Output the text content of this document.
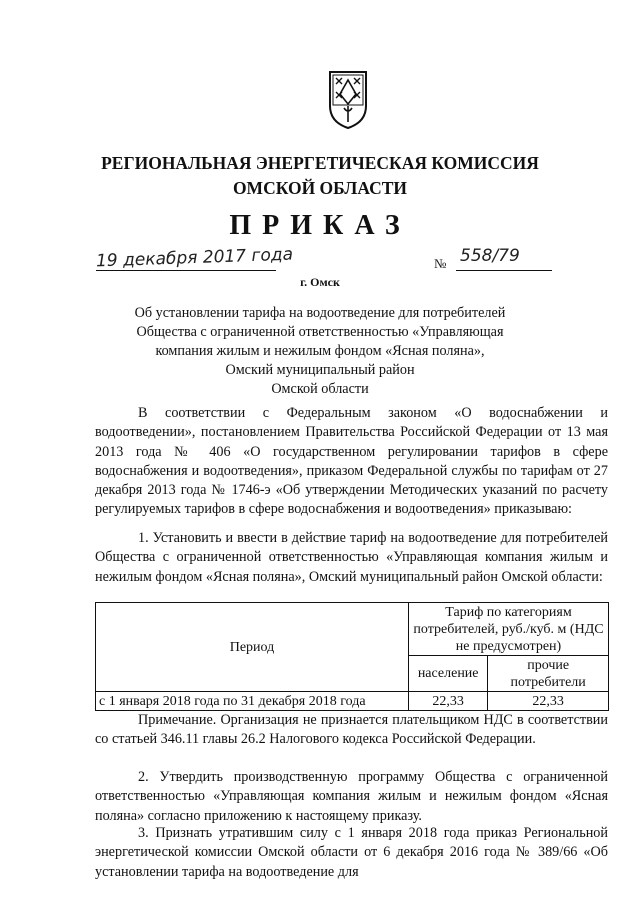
РЕГИОНАЛЬНАЯ ЭНЕРГЕТИЧЕСКАЯ КОМИССИЯ
ОМСКОЙ ОБЛАСТИ
ПРИКАЗ
19 декабря 2017 года	№ 558/79
г. Омск
Об установлении тарифа на водоотведение для потребителей
Общества с ограниченной ответственностью «Управляющая
компания жилым и нежилым фондом «Ясная поляна»,
Омский муниципальный район
Омской области
В соответствии с Федеральным законом «О водоснабжении и водоотведении», постановлением Правительства Российской Федерации от 13 мая 2013 года № 406 «О государственном регулировании тарифов в сфере водоснабжения и водоотведения», приказом Федеральной службы по тарифам от 27 декабря 2013 года № 1746-э «Об утверждении Методических указаний по расчету регулируемых тарифов в сфере водоснабжения и водоотведения» приказываю:
1. Установить и ввести в действие тариф на водоотведение для потребителей Общества с ограниченной ответственностью «Управляющая компания жилым и нежилым фондом «Ясная поляна», Омский муниципальный район Омской области:
Период	Тариф по категориям потребителей, руб./куб. м (НДС не предусмотрен)	
	население	прочие потребители
с 1 января 2018 года по 31 декабря 2018 года	22,33	22,33
Примечание. Организация не признается плательщиком НДС в соответствии со статьей 346.11 главы 26.2 Налогового кодекса Российской Федерации.
2. Утвердить производственную программу Общества с ограниченной ответственностью «Управляющая компания жилым и нежилым фондом «Ясная поляна» согласно приложению к настоящему приказу.
3. Признать утратившим силу с 1 января 2018 года приказ Региональной энергетической комиссии Омской области от 6 декабря 2016 года № 389/66 «Об установлении тарифа на водоотведение для
